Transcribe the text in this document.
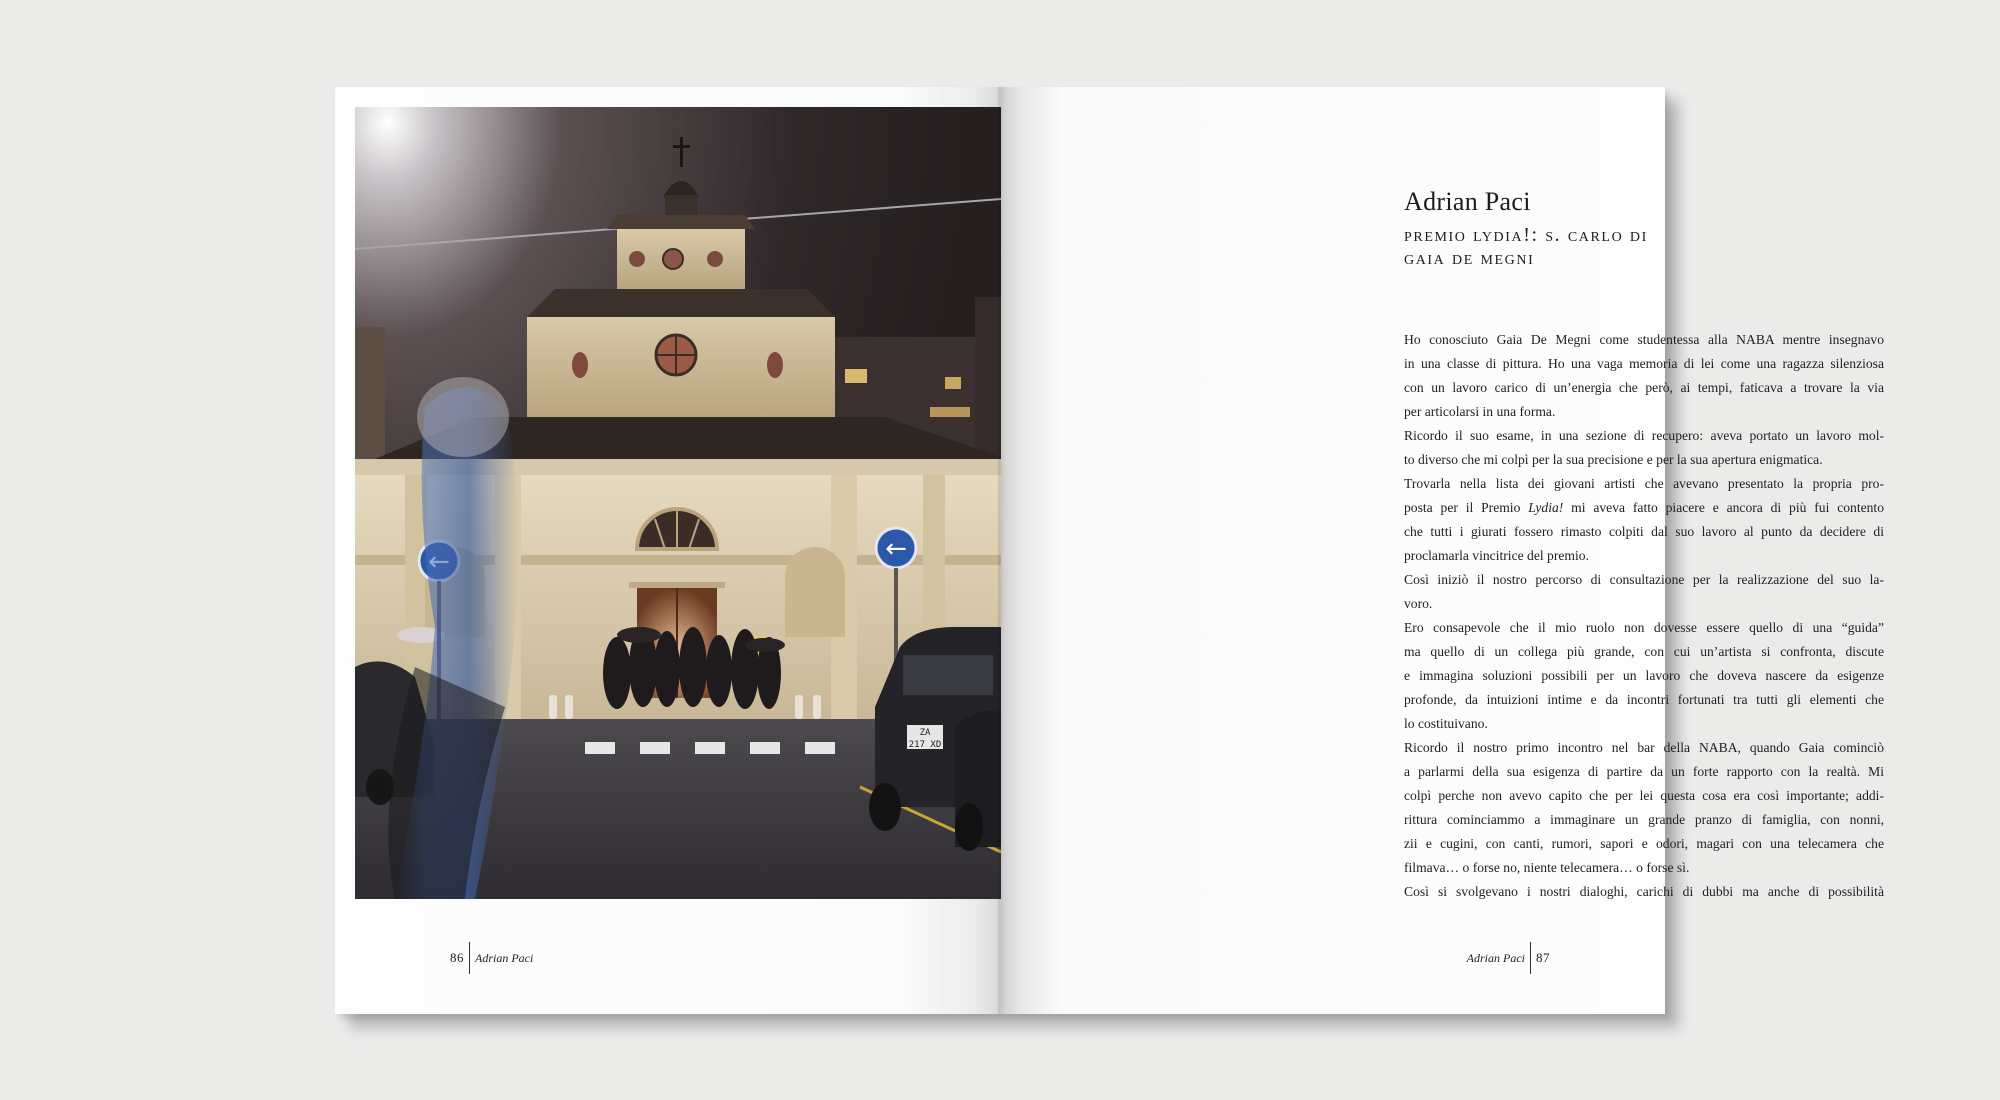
←
ZA
217 XD
86 Adrian Paci
Adrian Paci
premio lydia!: s. carlo di gaia de megni

Ho conosciuto Gaia De Megni come studentessa alla NABA mentre insegnavo
in una classe di pittura. Ho una vaga memoria di lei come una ragazza silenziosa
con un lavoro carico di un’energia che però, ai tempi, faticava a trovare la via
per articolarsi in una forma.

Ricordo il suo esame, in una sezione di recupero: aveva portato un lavoro mol-
to diverso che mi colpì per la sua precisione e per la sua apertura enigmatica.

Trovarla nella lista dei giovani artisti che avevano presentato la propria pro-
posta per il Premio Lydia! mi aveva fatto piacere e ancora di più fui contento
che tutti i giurati fossero rimasto colpiti dal suo lavoro al punto da decidere di
proclamarla vincitrice del premio.

Così iniziò il nostro percorso di consultazione per la realizzazione del suo la-
voro.

Ero consapevole che il mio ruolo non dovesse essere quello di una “guida”
ma quello di un collega più grande, con cui un’artista si confronta, discute
e immagina soluzioni possibili per un lavoro che doveva nascere da esigenze
profonde, da intuizioni intime e da incontri fortunati tra tutti gli elementi che
lo costituivano.

Ricordo il nostro primo incontro nel bar della NABA, quando Gaia cominciò
a parlarmi della sua esigenza di partire da un forte rapporto con la realtà. Mi
colpì perche non avevo capito che per lei questa cosa era così importante; addi-
rittura cominciammo a immaginare un grande pranzo di famiglia, con nonni,
zii e cugini, con canti, rumori, sapori e odori, magari con una telecamera che
filmava… o forse no, niente telecamera… o forse sì.

Così si svolgevano i nostri dialoghi, carichi di dubbi ma anche di possibilità

Adrian Paci 87
